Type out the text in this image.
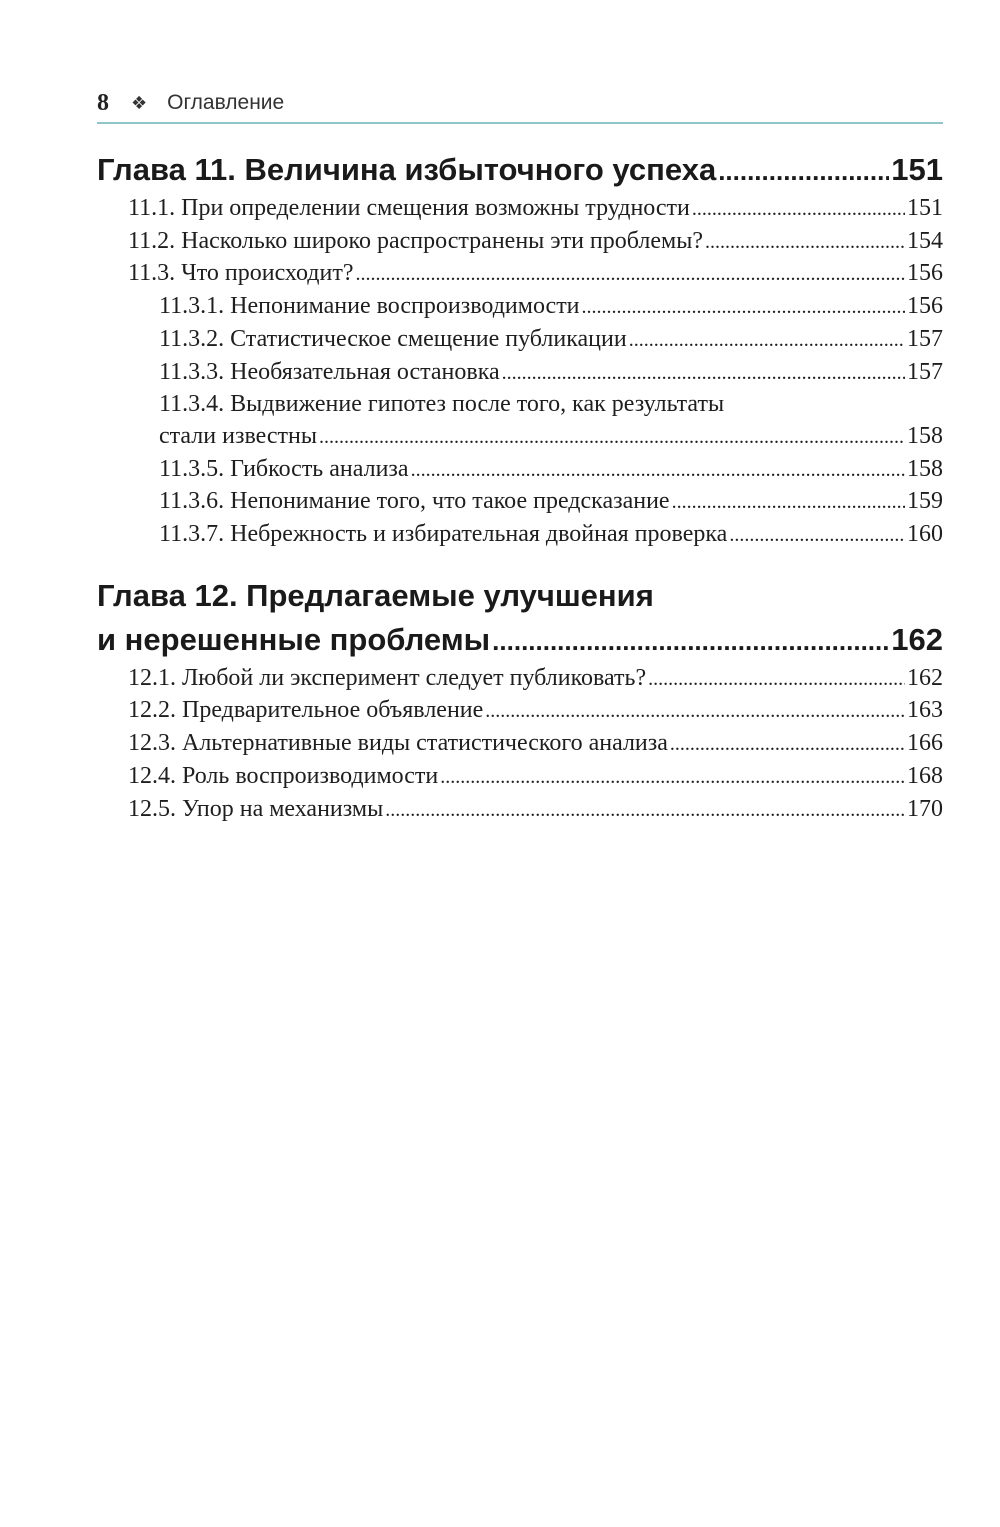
8 ❖ Оглавление
Глава 11. Величина избыточного успеха .....	151
11.1. При определении смещения возможны трудности .....	151
11.2. Насколько широко распространены эти проблемы? .....	154
11.3. Что происходит? .....	156
11.3.1. Непонимание воспроизводимости .....	156
11.3.2. Статистическое смещение публикации .....	157
11.3.3. Необязательная остановка .....	157
11.3.4. Выдвижение гипотез после того, как результаты
стали известны .....	158
11.3.5. Гибкость анализа .....	158
11.3.6. Непонимание того, что такое предсказание .....	159
11.3.7. Небрежность и избирательная двойная проверка .....	160
Глава 12. Предлагаемые улучшения
и нерешенные проблемы .....	162
12.1. Любой ли эксперимент следует публиковать? .....	162
12.2. Предварительное объявление .....	163
12.3. Альтернативные виды статистического анализа .....	166
12.4. Роль воспроизводимости .....	168
12.5. Упор на механизмы .....	170
